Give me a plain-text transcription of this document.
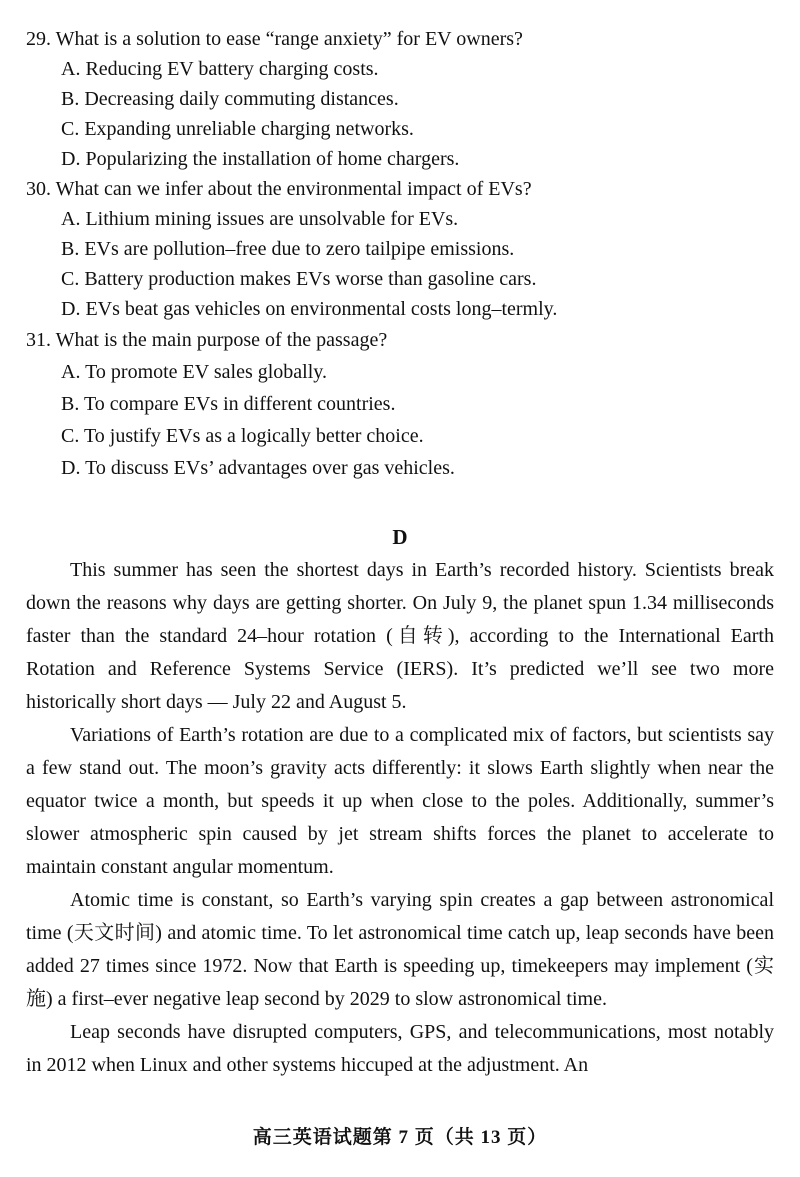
29. What is a solution to ease “range anxiety” for EV owners?
A. Reducing EV battery charging costs.
B. Decreasing daily commuting distances.
C. Expanding unreliable charging networks.
D. Popularizing the installation of home chargers.
30. What can we infer about the environmental impact of EVs?
A. Lithium mining issues are unsolvable for EVs.
B. EVs are pollution–free due to zero tailpipe emissions.
C. Battery production makes EVs worse than gasoline cars.
D. EVs beat gas vehicles on environmental costs long–termly.
31. What is the main purpose of the passage?
A. To promote EV sales globally.
B. To compare EVs in different countries.
C. To justify EVs as a logically better choice.
D. To discuss EVs’ advantages over gas vehicles.
D

This summer has seen the shortest days in Earth’s recorded history. Scientists break down the reasons why days are getting shorter. On July 9, the planet spun 1.34 milliseconds faster than the standard 24–hour rotation (自转), according to the International Earth Rotation and Reference Systems Service (IERS). It’s predicted we’ll see two more historically short days — July 22 and August 5.

Variations of Earth’s rotation are due to a complicated mix of factors, but scientists say a few stand out. The moon’s gravity acts differently: it slows Earth slightly when near the equator twice a month, but speeds it up when close to the poles. Additionally, summer’s slower atmospheric spin caused by jet stream shifts forces the planet to accelerate to maintain constant angular momentum.

Atomic time is constant, so Earth’s varying spin creates a gap between astronomical time (天文时间) and atomic time. To let astronomical time catch up, leap seconds have been added 27 times since 1972. Now that Earth is speeding up, timekeepers may implement (实施) a first–ever negative leap second by 2029 to slow astronomical time.

Leap seconds have disrupted computers, GPS, and telecommunications, most notably in 2012 when Linux and other systems hiccuped at the adjustment. An

高三英语试题第 7 页（共 13 页）
